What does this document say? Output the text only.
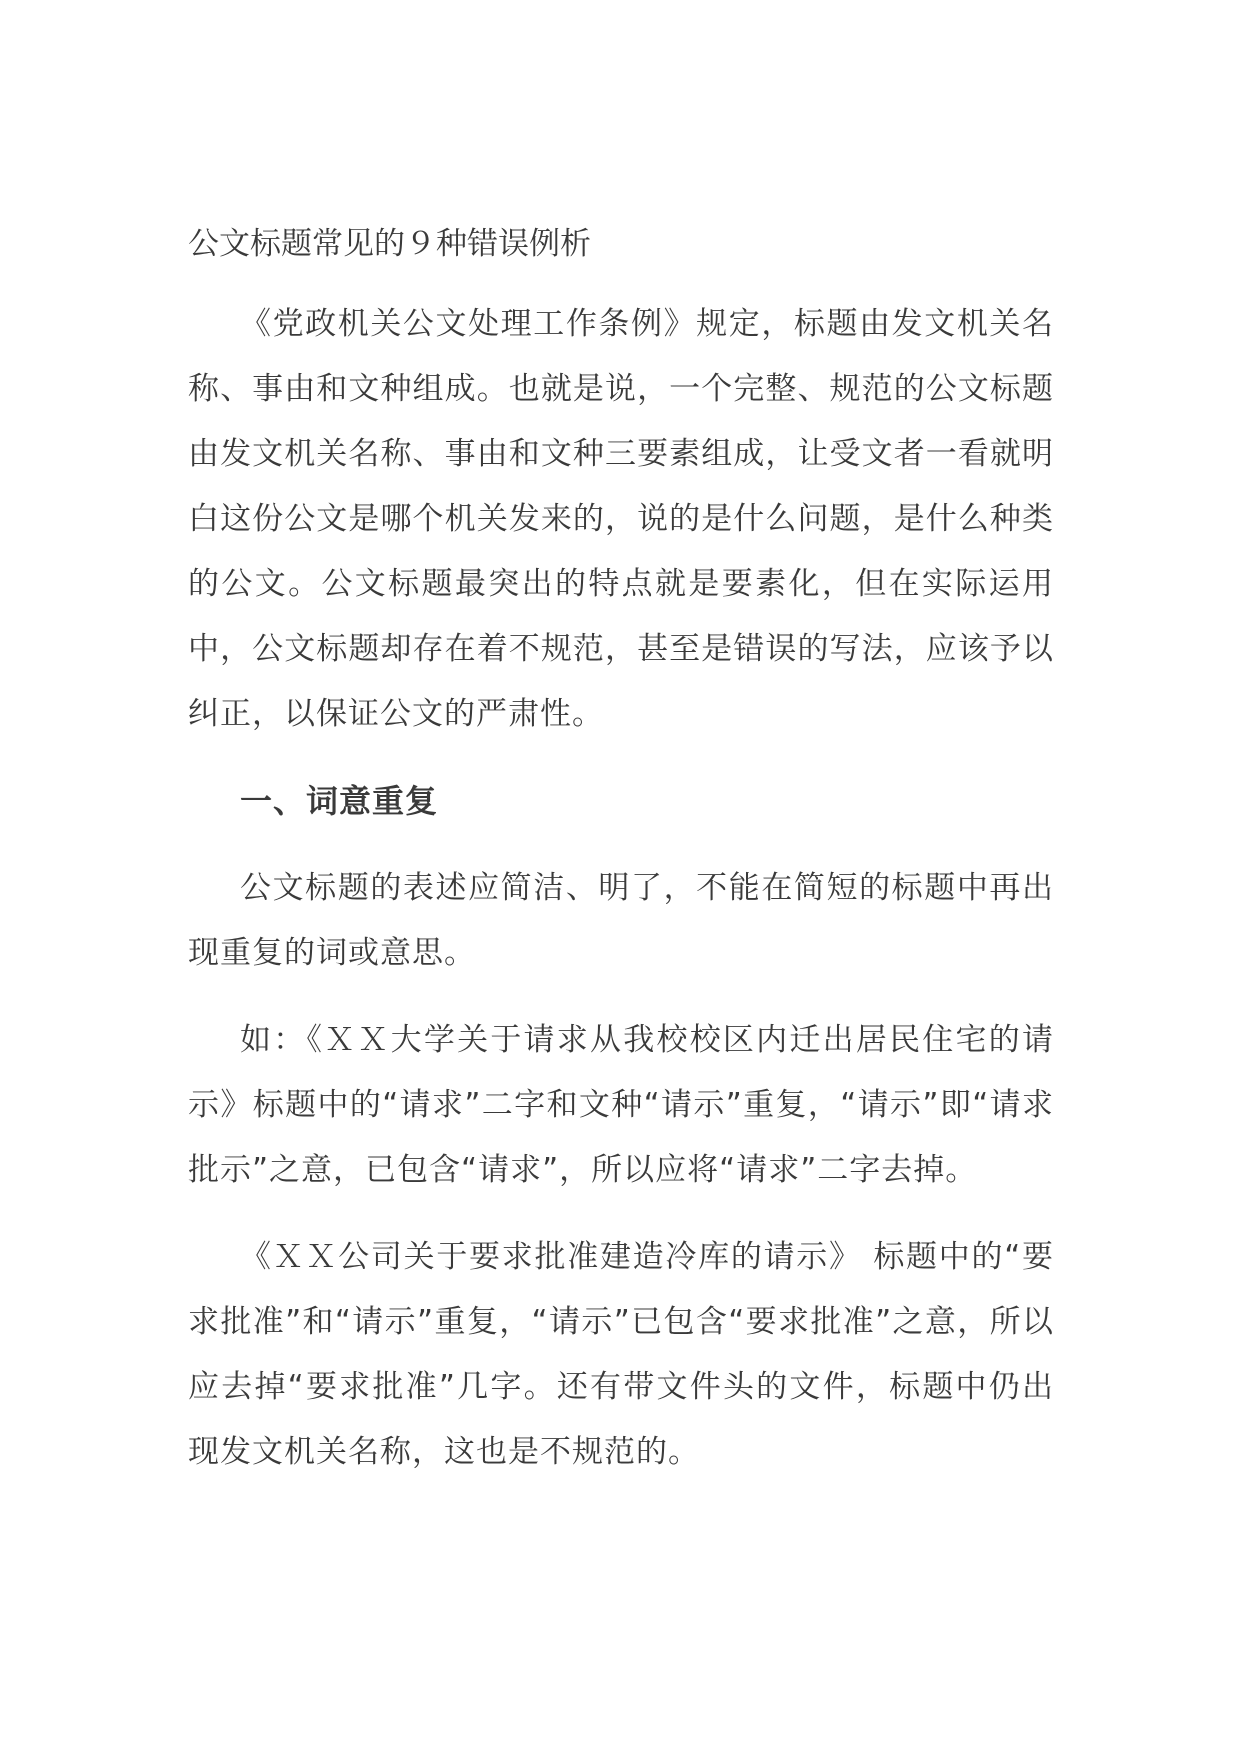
公文标题常见的９种错误例析

《党政机关公文处理工作条例》规定，标题由发文机关名称、事由和文种组成。也就是说，一个完整、规范的公文标题由发文机关名称、事由和文种三要素组成，让受文者一看就明白这份公文是哪个机关发来的，说的是什么问题，是什么种类的公文。公文标题最突出的特点就是要素化，但在实际运用中，公文标题却存在着不规范，甚至是错误的写法，应该予以纠正，以保证公文的严肃性。

一、词意重复

公文标题的表述应简洁、明了，不能在简短的标题中再出现重复的词或意思。

如：《ＸＸ大学关于请求从我校校区内迁出居民住宅的请示》标题中的“请求”二字和文种“请示”重复，“请示”即“请求批示”之意，已包含“请求”，所以应将“请求”二字去掉。

《ＸＸ公司关于要求批准建造冷库的请示》 标题中的“要求批准”和“请示”重复，“请示”已包含“要求批准”之意，所以应去掉“要求批准”几字。还有带文件头的文件，标题中仍出现发文机关名称，这也是不规范的。
